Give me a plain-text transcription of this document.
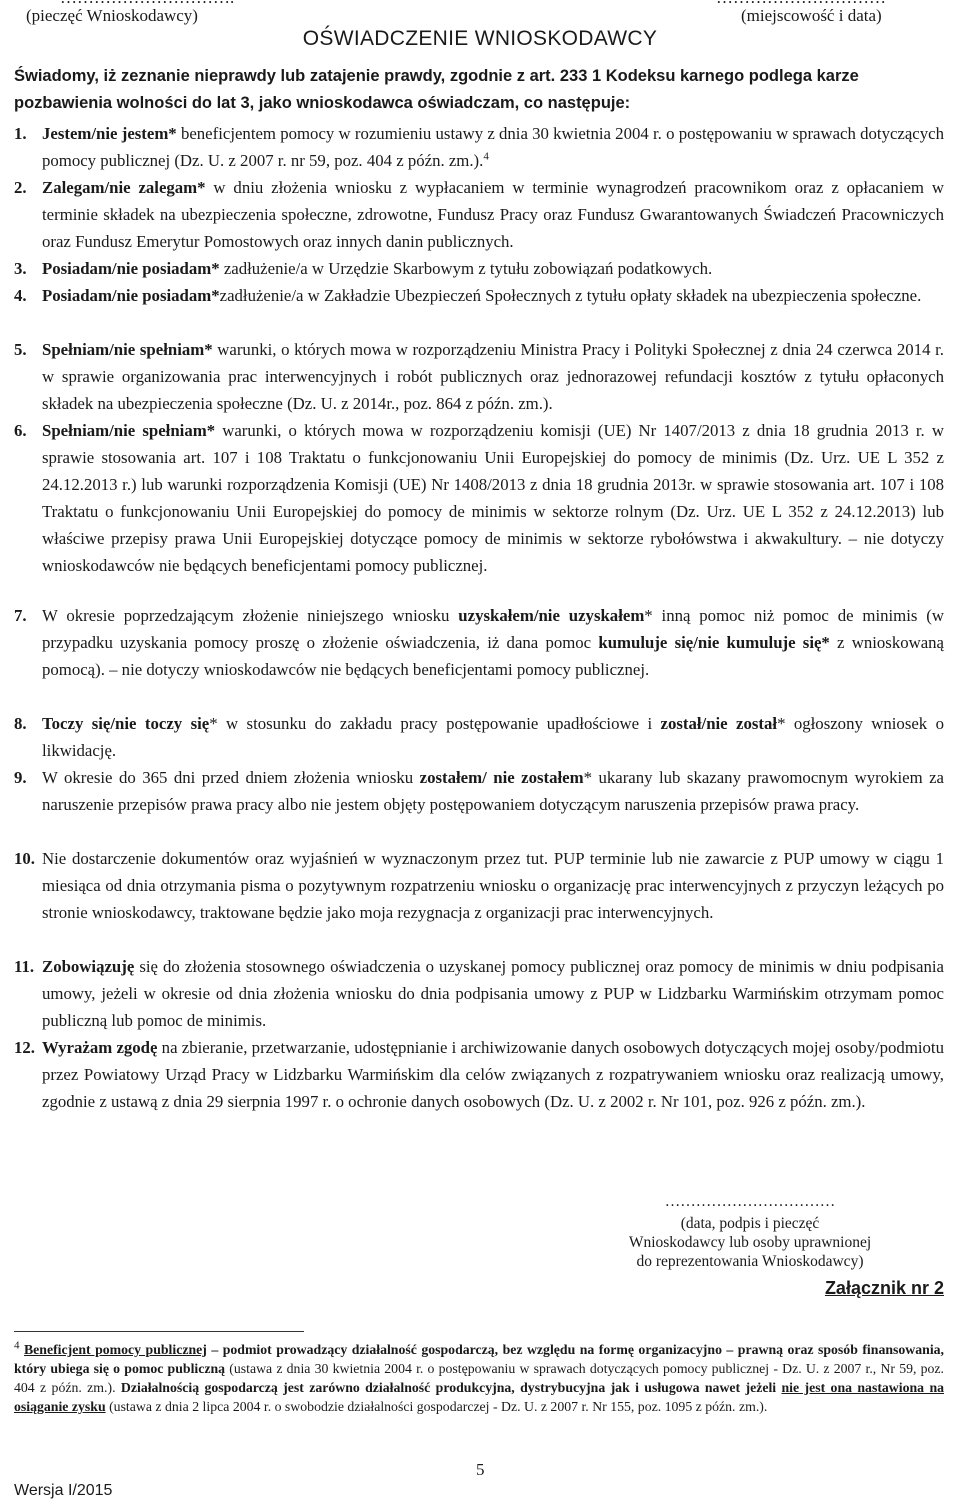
(pieczęć Wnioskodawcy)	(miejscowość i data)
OŚWIADCZENIE WNIOSKODAWCY
Świadomy, iż zeznanie nieprawdy lub zatajenie prawdy, zgodnie z art. 233 1 Kodeksu karnego podlega karze pozbawienia wolności do lat 3, jako wnioskodawca oświadczam, co następuje:
1. Jestem/nie jestem* beneficjentem pomocy w rozumieniu ustawy z dnia 30 kwietnia 2004 r. o postępowaniu w sprawach dotyczących pomocy publicznej (Dz. U. z 2007 r. nr 59, poz. 404 z późn. zm.).$^4$
2. Zalegam/nie zalegam* w dniu złożenia wniosku z wypłacaniem w terminie wynagrodzeń pracownikom oraz z opłacaniem w terminie składek na ubezpieczenia społeczne, zdrowotne, Fundusz Pracy oraz Fundusz Gwarantowanych Świadczeń Pracowniczych oraz Fundusz Emerytur Pomostowych oraz innych danin publicznych.
3. Posiadam/nie posiadam* zadłużenie/a w Urzędzie Skarbowym z tytułu zobowiązań podatkowych.
4. Posiadam/nie posiadam*zadłużenie/a w Zakładzie Ubezpieczeń Społecznych z tytułu opłaty składek na ubezpieczenia społeczne.
5. Spełniam/nie spełniam* warunki, o których mowa w rozporządzeniu Ministra Pracy i Polityki Społecznej z dnia 24 czerwca 2014 r. w sprawie organizowania prac interwencyjnych i robót publicznych oraz jednorazowej refundacji kosztów z tytułu opłaconych składek na ubezpieczenia społeczne (Dz. U. z 2014r., poz. 864 z późn. zm.).
6. Spełniam/nie spełniam* warunki, o których mowa w rozporządzeniu komisji (UE) Nr 1407/2013 z dnia 18 grudnia 2013 r. w sprawie stosowania art. 107 i 108 Traktatu o funkcjonowaniu Unii Europejskiej do pomocy de minimis (Dz. Urz. UE L 352 z 24.12.2013 r.) lub warunki rozporządzenia Komisji (UE) Nr 1408/2013 z dnia 18 grudnia 2013r. w sprawie stosowania art. 107 i 108 Traktatu o funkcjonowaniu Unii Europejskiej do pomocy de minimis w sektorze rolnym (Dz. Urz. UE L 352 z 24.12.2013) lub właściwe przepisy prawa Unii Europejskiej dotyczące pomocy de minimis w sektorze rybołówstwa i akwakultury. – nie dotyczy wnioskodawców nie będących beneficjentami pomocy publicznej.
7. W okresie poprzedzającym złożenie niniejszego wniosku uzyskałem/nie uzyskałem* inną pomoc niż pomoc de minimis (w przypadku uzyskania pomocy proszę o złożenie oświadczenia, iż dana pomoc kumuluje się/nie kumuluje się* z wnioskowaną pomocą). – nie dotyczy wnioskodawców nie będących beneficjentami pomocy publicznej.
8. Toczy się/nie toczy się* w stosunku do zakładu pracy postępowanie upadłościowe i został/nie został* ogłoszony wniosek o likwidację.
9. W okresie do 365 dni przed dniem złożenia wniosku zostałem/ nie zostałem* ukarany lub skazany prawomocnym wyrokiem za naruszenie przepisów prawa pracy albo nie jestem objęty postępowaniem dotyczącym naruszenia przepisów prawa pracy.
10. Nie dostarczenie dokumentów oraz wyjaśnień w wyznaczonym przez tut. PUP terminie lub nie zawarcie z PUP umowy w ciągu 1 miesiąca od dnia otrzymania pisma o pozytywnym rozpatrzeniu wniosku o organizację prac interwencyjnych z przyczyn leżących po stronie wnioskodawcy, traktowane będzie jako moja rezygnacja z organizacji prac interwencyjnych.
11. Zobowiązuję się do złożenia stosownego oświadczenia o uzyskanej pomocy publicznej oraz pomocy de minimis w dniu podpisania umowy, jeżeli w okresie od dnia złożenia wniosku do dnia podpisania umowy z PUP w Lidzbarku Warmińskim otrzymam pomoc publiczną lub pomoc de minimis.
12. Wyrażam zgodę na zbieranie, przetwarzanie, udostępnianie i archiwizowanie danych osobowych dotyczących mojej osoby/podmiotu przez Powiatowy Urząd Pracy w Lidzbarku Warmińskim dla celów związanych z rozpatrywaniem wniosku oraz realizacją umowy, zgodnie z ustawą z dnia 29 sierpnia 1997 r. o ochronie danych osobowych (Dz. U. z 2002 r. Nr 101, poz. 926 z późn. zm.).
……………………………
(data, podpis i pieczęć
Wnioskodawcy lub osoby uprawnionej
do reprezentowania Wnioskodawcy)
Załącznik nr 2
$^4$ Beneficjent pomocy publicznej – podmiot prowadzący działalność gospodarczą, bez względu na formę organizacyjno – prawną oraz sposób finansowania, który ubiega się o pomoc publiczną (ustawa z dnia 30 kwietnia 2004 r. o postępowaniu w sprawach dotyczących pomocy publicznej - Dz. U. z 2007 r., Nr 59, poz. 404 z późn. zm.). Działalnością gospodarczą jest zarówno działalność produkcyjna, dystrybucyjna jak i usługowa nawet jeżeli nie jest ona nastawiona na osiąganie zysku (ustawa z dnia 2 lipca 2004 r. o swobodzie działalności gospodarczej - Dz. U. z 2007 r. Nr 155, poz. 1095 z późn. zm.).
5
Wersja I/2015
